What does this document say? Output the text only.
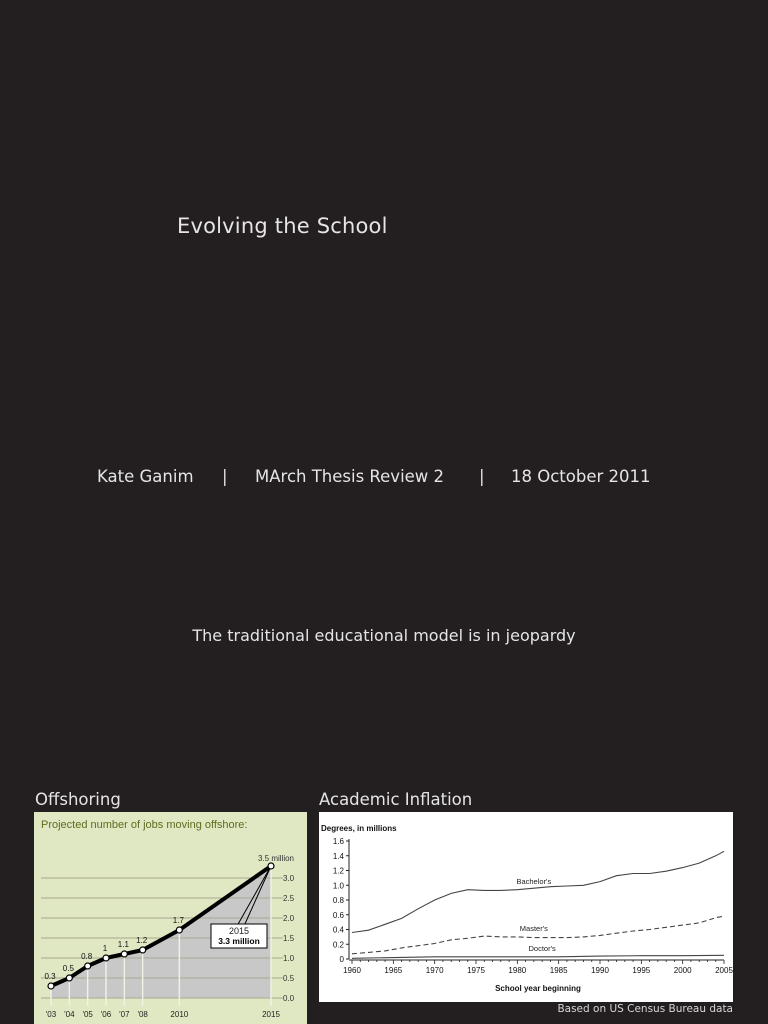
Evolving the School
Kate Ganim | MArch Thesis Review 2 | 18 October 2011
The traditional educational model is in jeopardy
Offshoring	Academic Inflation
Projected number of jobs moving offshore:
0.0
0.5
1.0
1.5
2.0
2.5
3.0
3.5 million
0.3
0.5
0.8
1 1.1 1.2
1.7
'03 '04 '05 '06 '07 '08	2010	2015
2015
3.3 million
Degrees, in millions
0
0.2
0.4
0.6
0.8
1.0
1.2
1.4
1.6
1960	1965	1970	1975	1980	1985	1990	1995	2000	2005
School year beginning
Bachelor's
Master's
Doctor's
Based on US Census Bureau data
